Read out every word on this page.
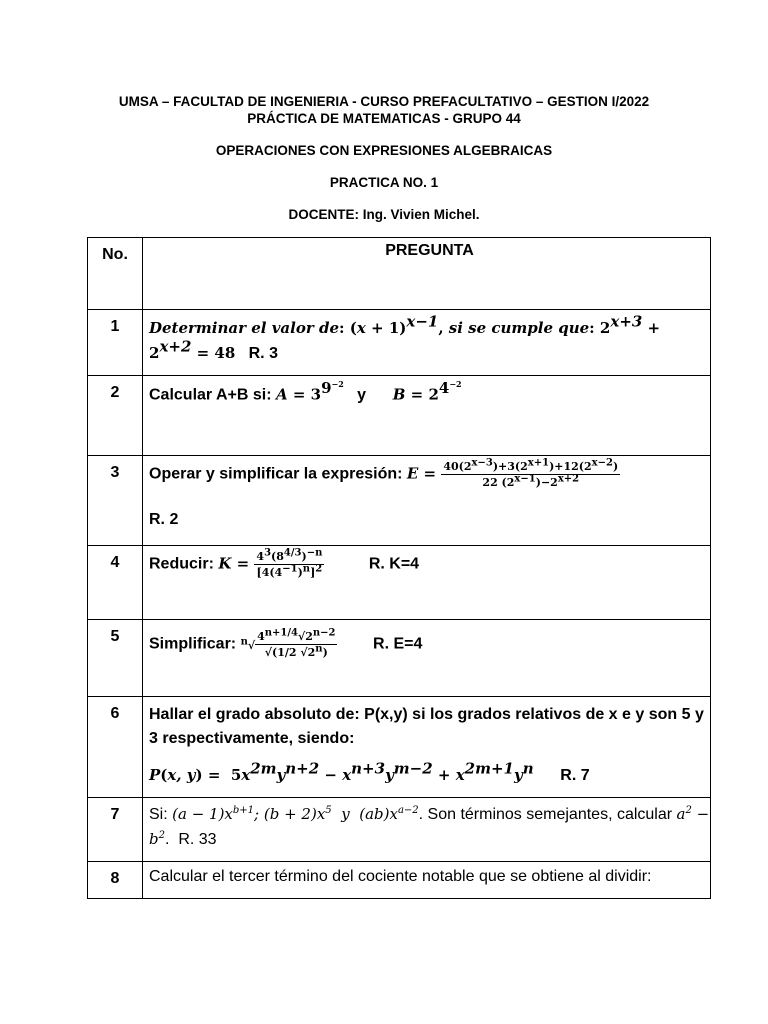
UMSA – FACULTAD DE INGENIERIA - CURSO PREFACULTATIVO – GESTION I/2022
PRÁCTICA DE MATEMATICAS - GRUPO 44
OPERACIONES CON EXPRESIONES ALGEBRAICAS
PRACTICA NO. 1
DOCENTE: Ing. Vivien Michel.
No.	PREGUNTA

1	Determinar el valor de: $(x + 1)^{x-1}$, si se cumple que: $2^{x+3}$ +
$2^{x+2} = 48$ R. 3

2	Calcular A+B si: $A = 3^{9^{-2}}$   y $B = 2^{4^{-2}}$

3	Operar y simplificar la expresión: $E = \frac{40(2^{x-3})+3(2^{x+1})+12(2^{x-2})}{22 (2^{x-1})-2^{x+2}}$
R. 2

4	Reducir: $K = \frac{4^3(8^{4/3})^{-n}}{[4(4^{-1})^n]^2} R$. K=4

5	Simplificar: $^n√ \frac{4^{n+1/4}√2^{n-2}}{√(1/2 √2^n)} R$. E=4

6	Hallar el grado absoluto de: P(x,y) si los grados relativos de x e y son 5 y 3 respectivamente, siendo:
P(x, $y) = 5x^{2m}y^{n+2} - x^{n+3}y^{m-2} + x^{2m+1}y^n$ R. 7

7	Si: $(a - 1)x^{b+1}$; $(b + 2)x^5$  y  $(ab)x^{a-2}$. Son términos semejantes, calcular $a^2 - b^2$.  R. 33

8	Calcular el tercer término del cociente notable que se obtiene al dividir:
